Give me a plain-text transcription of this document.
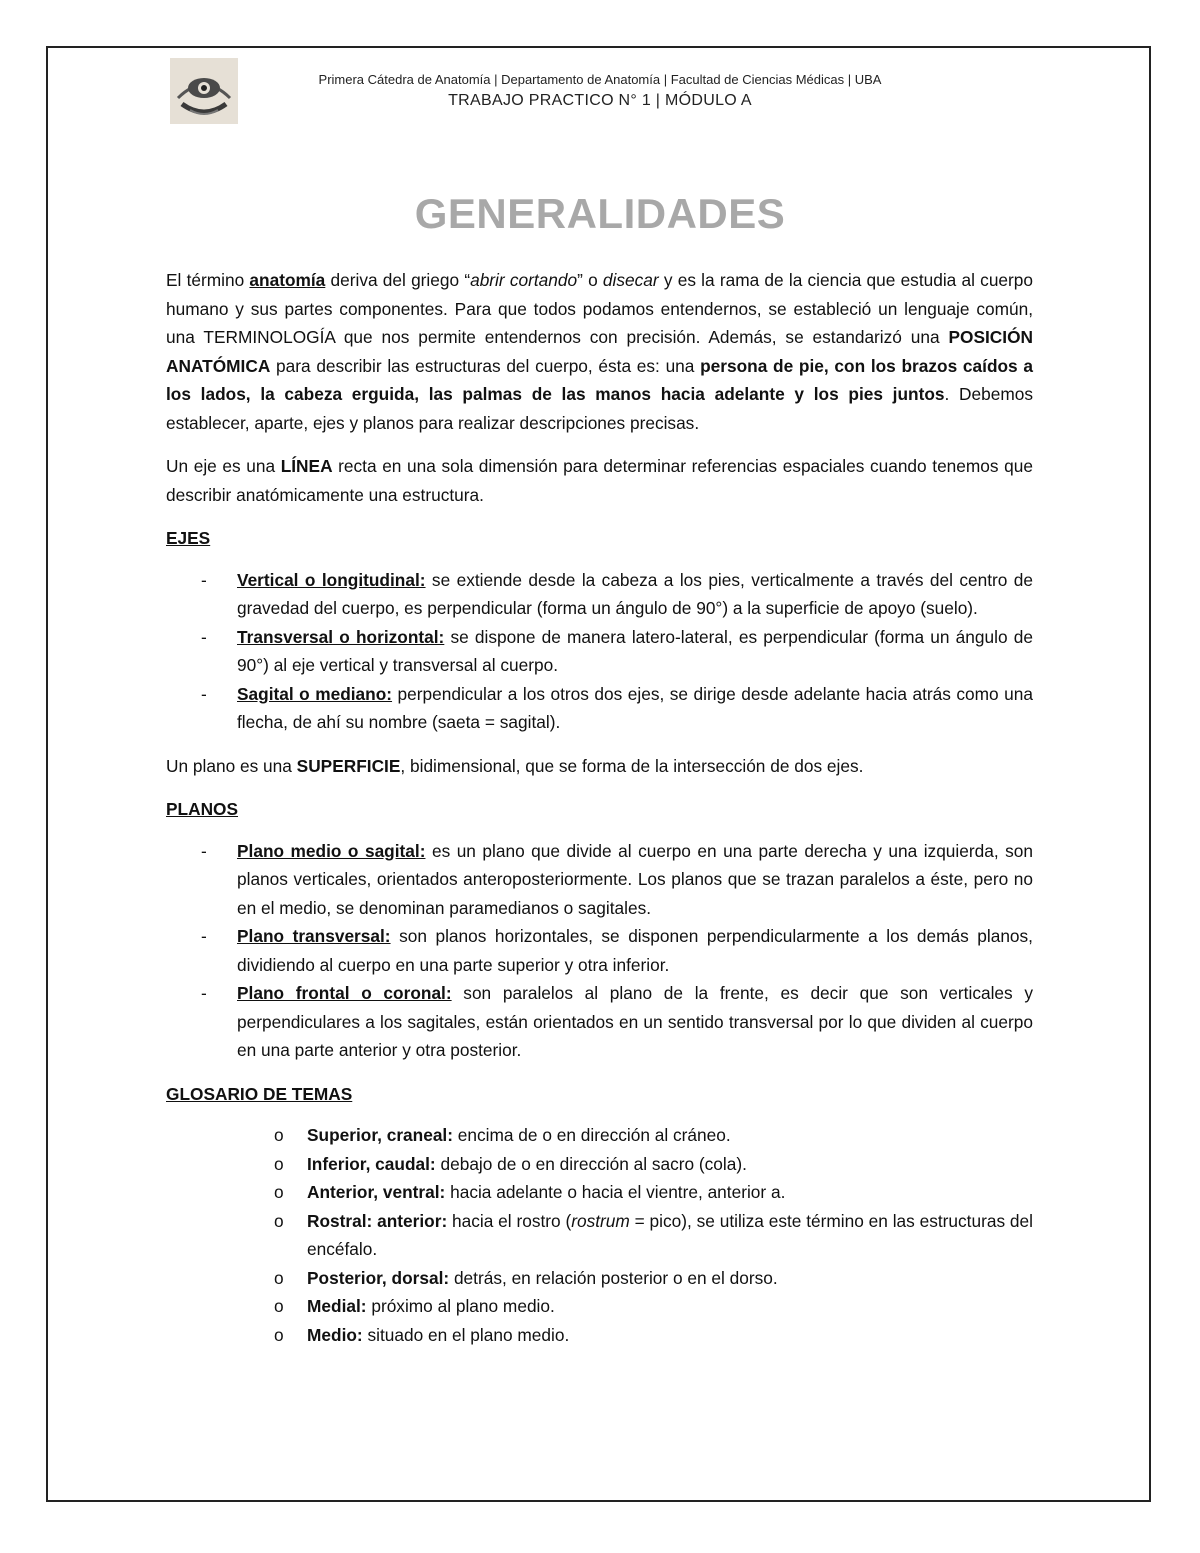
Primera Cátedra de Anatomía | Departamento de Anatomía | Facultad de Ciencias Médicas | UBA
TRABAJO PRACTICO N° 1 | MÓDULO A
GENERALIDADES

El término anatomía deriva del griego “abrir cortando” o disecar y es la rama de la ciencia que estudia al cuerpo humano y sus partes componentes. Para que todos podamos entendernos, se estableció un lenguaje común, una TERMINOLOGÍA que nos permite entendernos con precisión. Además, se estandarizó una POSICIÓN ANATÓMICA para describir las estructuras del cuerpo, ésta es: una persona de pie, con los brazos caídos a los lados, la cabeza erguida, las palmas de las manos hacia adelante y los pies juntos. Debemos establecer, aparte, ejes y planos para realizar descripciones precisas.

Un eje es una LÍNEA recta en una sola dimensión para determinar referencias espaciales cuando tenemos que describir anatómicamente una estructura.

EJES
- Vertical o longitudinal: se extiende desde la cabeza a los pies, verticalmente a través del centro de gravedad del cuerpo, es perpendicular (forma un ángulo de 90°) a la superficie de apoyo (suelo).
- Transversal o horizontal: se dispone de manera latero-lateral, es perpendicular (forma un ángulo de 90°) al eje vertical y transversal al cuerpo.
- Sagital o mediano: perpendicular a los otros dos ejes, se dirige desde adelante hacia atrás como una flecha, de ahí su nombre (saeta = sagital).

Un plano es una SUPERFICIE, bidimensional, que se forma de la intersección de dos ejes.

PLANOS
- Plano medio o sagital: es un plano que divide al cuerpo en una parte derecha y una izquierda, son planos verticales, orientados anteroposteriormente. Los planos que se trazan paralelos a éste, pero no en el medio, se denominan paramedianos o sagitales.
- Plano transversal: son planos horizontales, se disponen perpendicularmente a los demás planos, dividiendo al cuerpo en una parte superior y otra inferior.
- Plano frontal o coronal: son paralelos al plano de la frente, es decir que son verticales y perpendiculares a los sagitales, están orientados en un sentido transversal por lo que dividen al cuerpo en una parte anterior y otra posterior.
GLOSARIO DE TEMAS
o Superior, craneal: encima de o en dirección al cráneo.
o Inferior, caudal: debajo de o en dirección al sacro (cola).
o Anterior, ventral: hacia adelante o hacia el vientre, anterior a.
o Rostral: anterior: hacia el rostro (rostrum = pico), se utiliza este término en las estructuras del encéfalo.
o Posterior, dorsal: detrás, en relación posterior o en el dorso.
o Medial: próximo al plano medio.
o Medio: situado en el plano medio.
